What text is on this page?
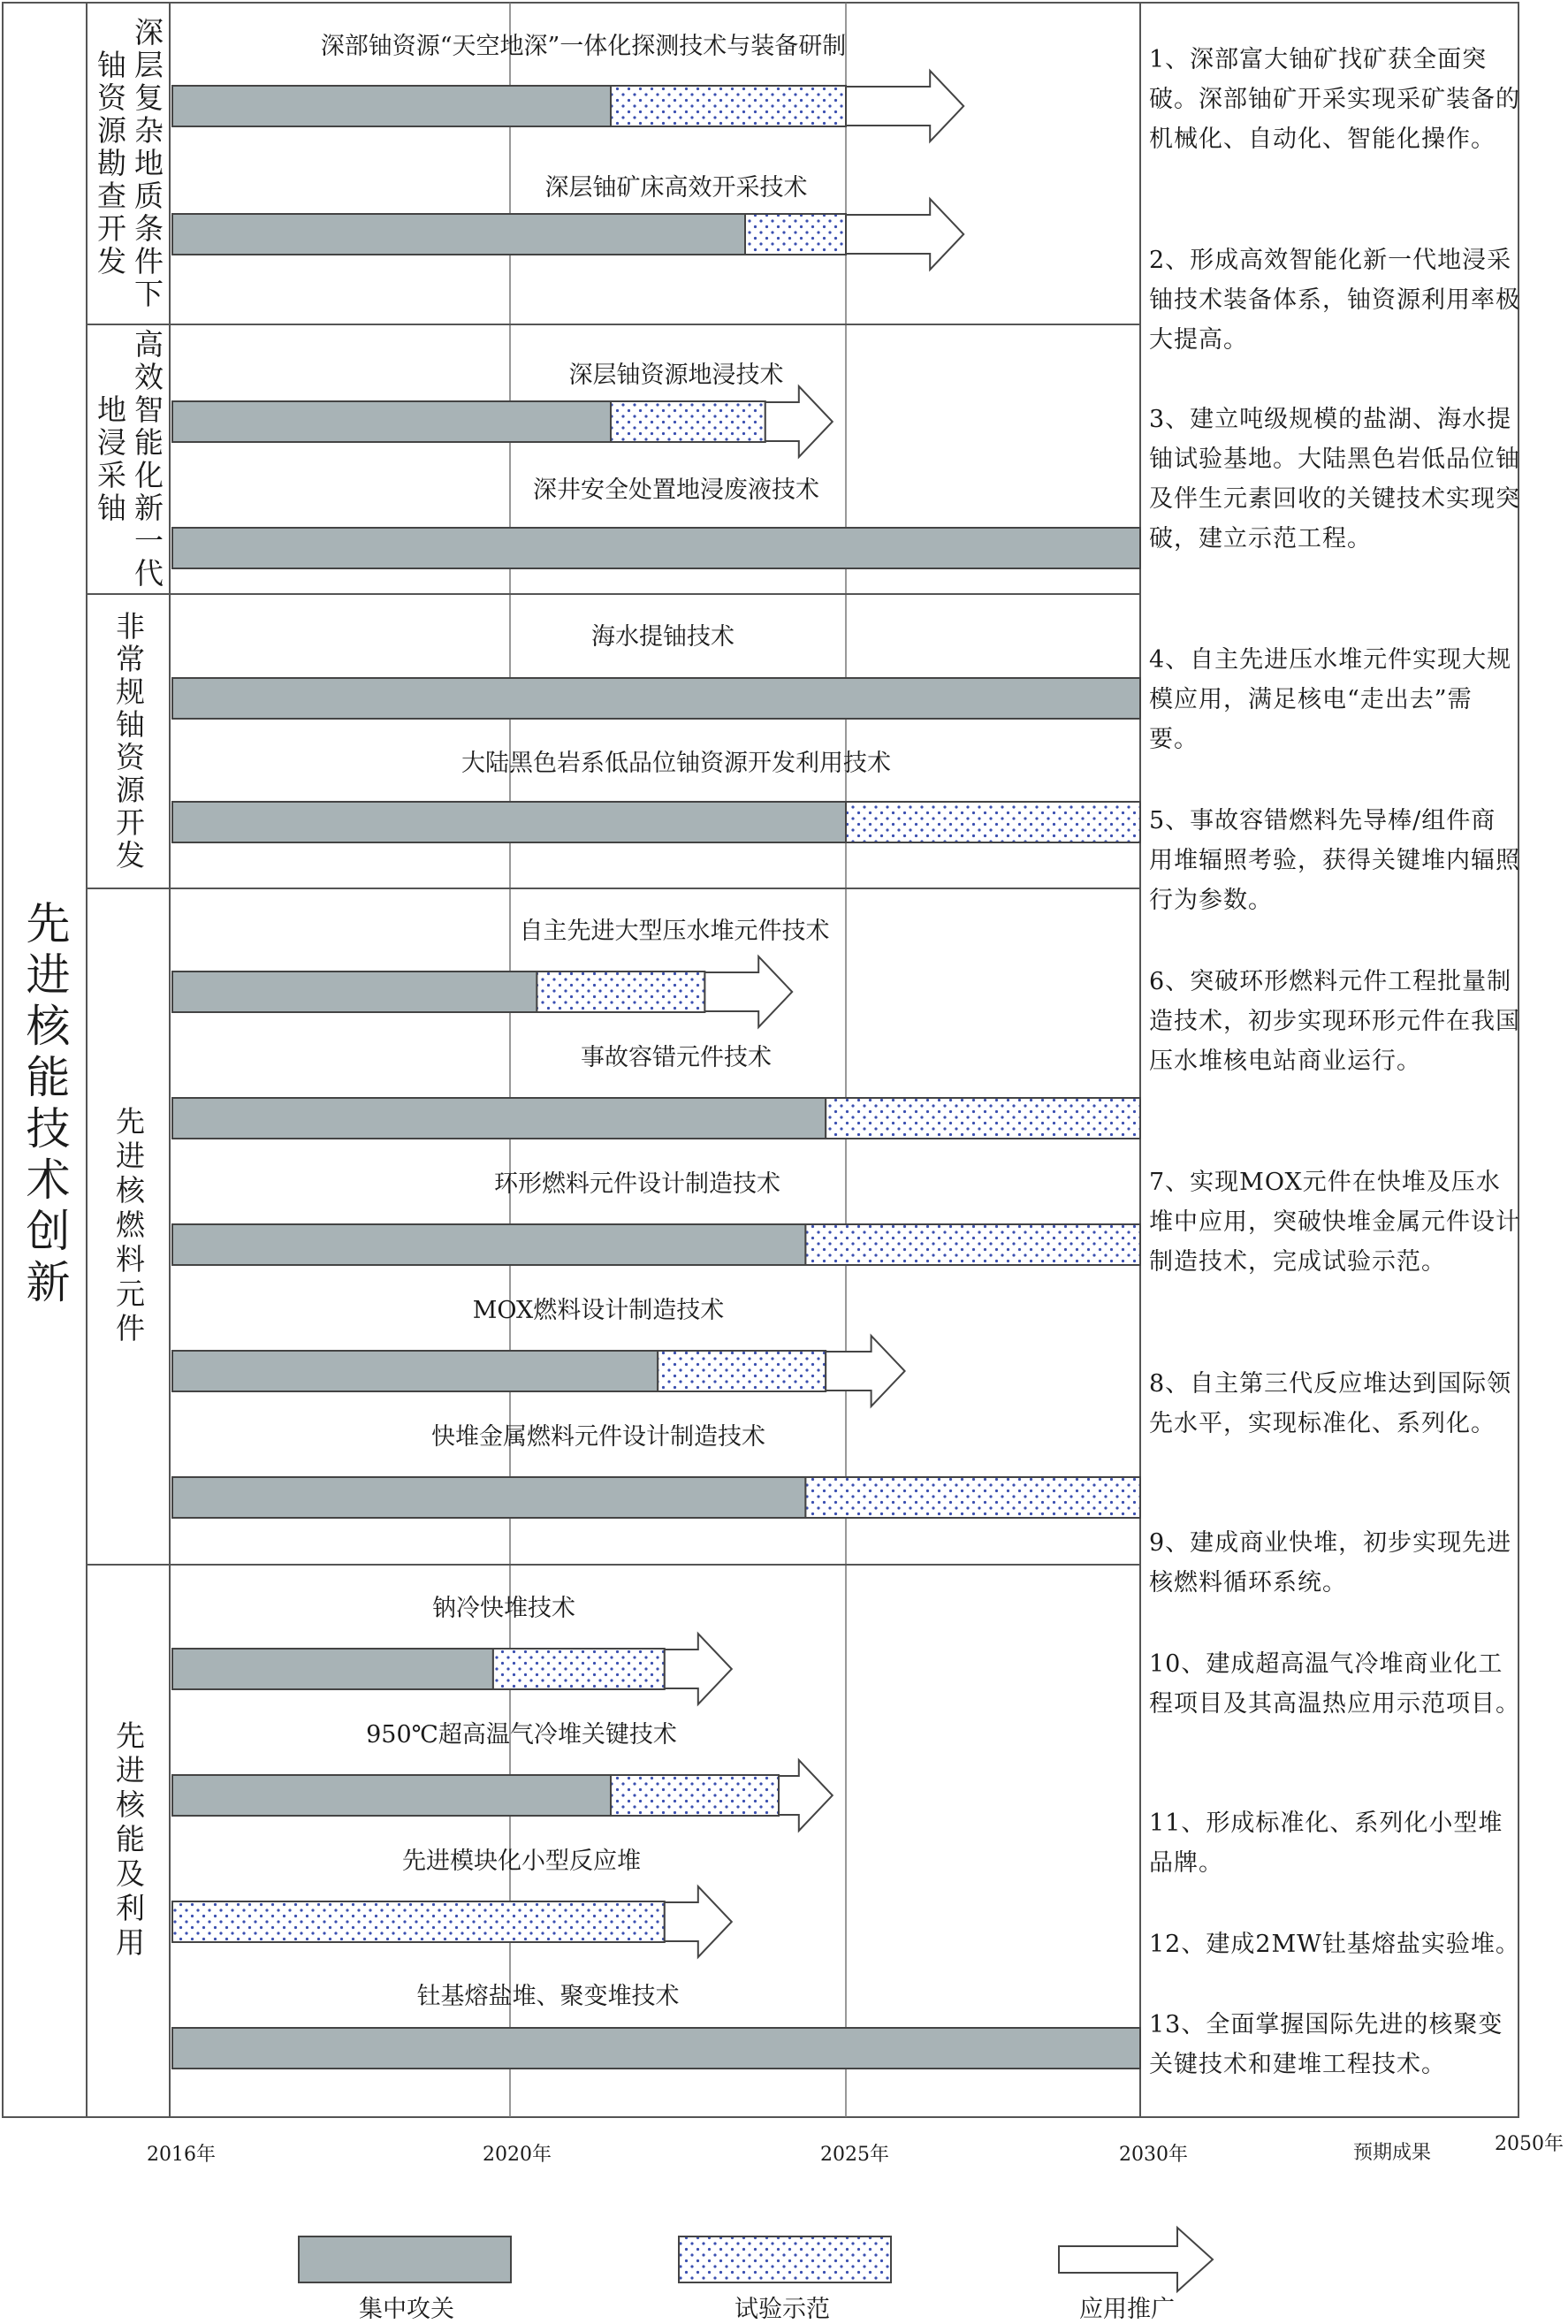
先进核能技术创新
深层复杂地质条件下铀资源勘查开发
高效智能化新一代地浸采铀
非常规铀资源开发
先进核燃料元件
先进核能及利用
深部铀资源“天空地深”一体化探测技术与装备研制
深层铀矿床高效开采技术
深层铀资源地浸技术
深井安全处置地浸废液技术
海水提铀技术
大陆黑色岩系低品位铀资源开发利用技术
自主先进大型压水堆元件技术
事故容错元件技术
环形燃料元件设计制造技术
MOX燃料设计制造技术
快堆金属燃料元件设计制造技术
钠冷快堆技术
950℃超高温气冷堆关键技术
先进模块化小型反应堆
钍基熔盐堆、聚变堆技术
1、深部富大铀矿找矿获全面突破。深部铀矿开采实现采矿装备的机械化、自动化、智能化操作。
2、形成高效智能化新一代地浸采铀技术装备体系，铀资源利用率极大提高。
3、建立吨级规模的盐湖、海水提铀试验基地。大陆黑色岩低品位铀及伴生元素回收的关键技术实现突破，建立示范工程。
4、自主先进压水堆元件实现大规模应用，满足核电“走出去”需要。
5、事故容错燃料先导棒/组件商用堆辐照考验，获得关键堆内辐照行为参数。
6、突破环形燃料元件工程批量制造技术，初步实现环形元件在我国压水堆核电站商业运行。
7、实现MOX元件在快堆及压水堆中应用，突破快堆金属元件设计制造技术，完成试验示范。
8、自主第三代反应堆达到国际领先水平，实现标准化、系列化。
9、建成商业快堆，初步实现先进核燃料循环系统。
10、建成超高温气冷堆商业化工程项目及其高温热应用示范项目。
11、形成标准化、系列化小型堆品牌。
12、建成2MW钍基熔盐实验堆。
13、全面掌握国际先进的核聚变关键技术和建堆工程技术。
2016年	2020年	2025年	2030年	预期成果	2050年
集中攻关	试验示范	应用推广
